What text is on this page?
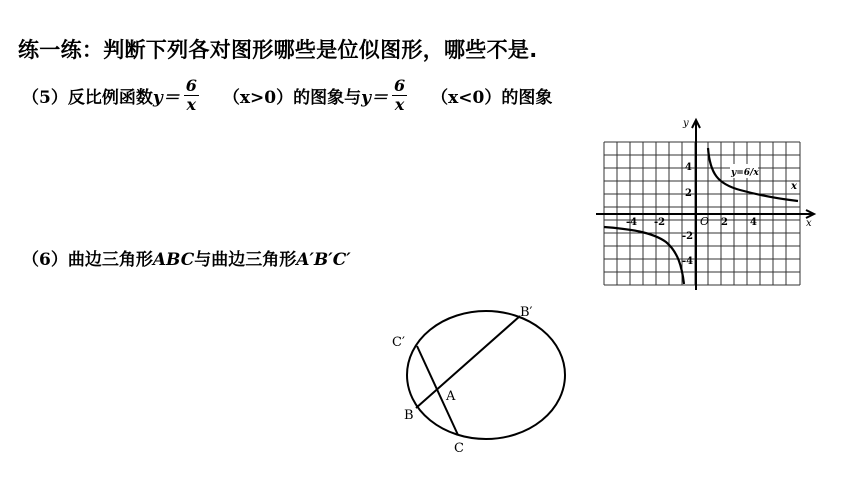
练一练：判断下列各对图形哪些是位似图形，哪些不是.
（5）反比例函数 $y= \frac{6}{x} (x>0)$ 的图象与 $y= \frac{6}{x} (x<0)$ 的图象
y
x
x
O
-4 -2	2 4
4
2
-2
-4
y=6/x
（6）曲边三角形ABC与曲边三角形A′B′C′
C′
B′
A
B
C
